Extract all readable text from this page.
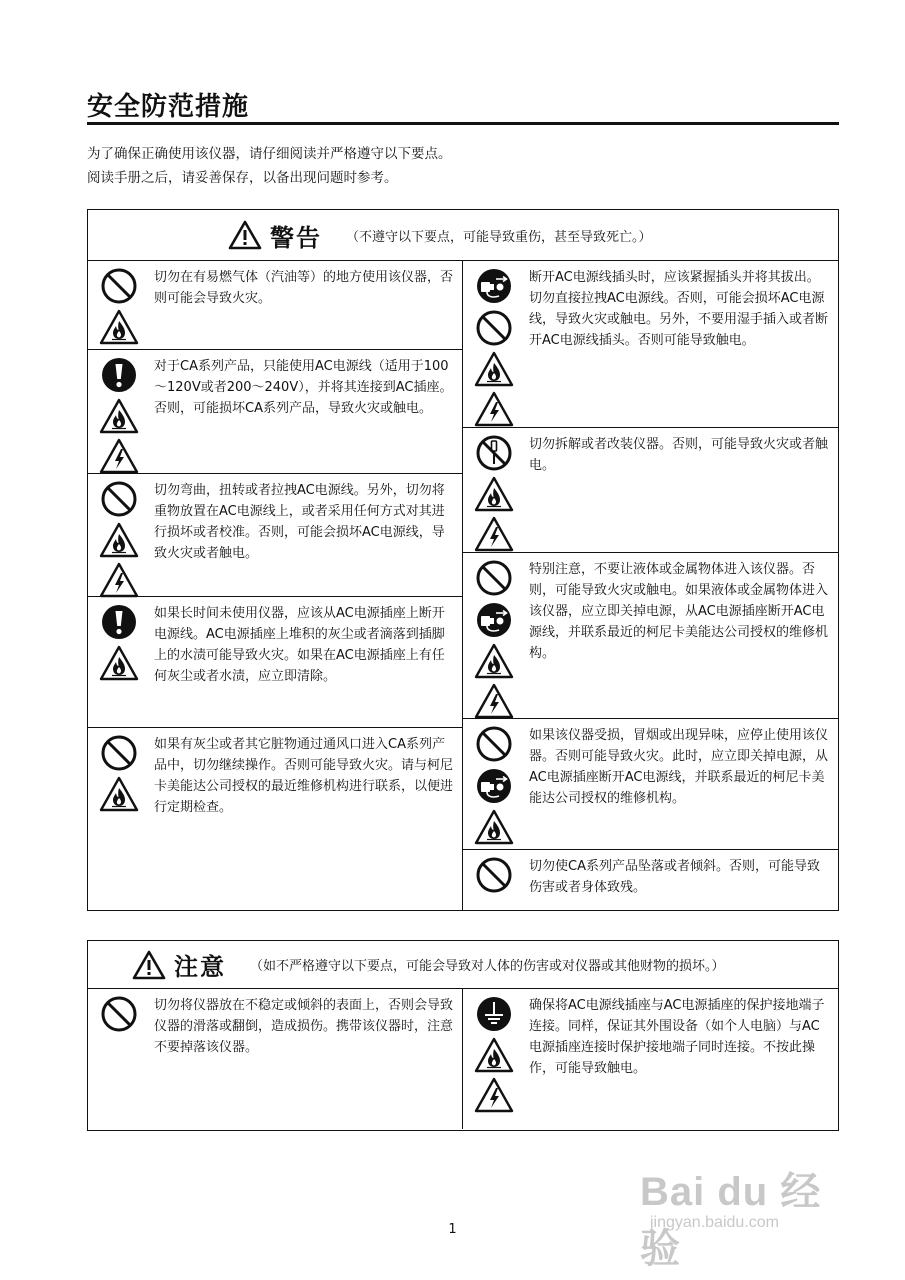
安全防范措施
为了确保正确使用该仪器，请仔细阅读并严格遵守以下要点。
阅读手册之后，请妥善保存，以备出现问题时参考。
警告 （不遵守以下要点，可能导致重伤，甚至导致死亡。）
切勿在有易燃气体（汽油等）的地方使用该仪器，否则可能会导致火灾。
对于CA系列产品，只能使用AC电源线（适用于100～120V或者200～240V），并将其连接到AC插座。否则，可能损坏CA系列产品，导致火灾或触电。
切勿弯曲，扭转或者拉拽AC电源线。另外，切勿将重物放置在AC电源线上，或者采用任何方式对其进行损坏或者校准。否则，可能会损坏AC电源线，导致火灾或者触电。
如果长时间未使用仪器，应该从AC电源插座上断开电源线。AC电源插座上堆积的灰尘或者滴落到插脚上的水渍可能导致火灾。如果在AC电源插座上有任何灰尘或者水渍，应立即清除。
如果有灰尘或者其它脏物通过通风口进入CA系列产品中，切勿继续操作。否则可能导致火灾。请与柯尼卡美能达公司授权的最近维修机构进行联系，以便进行定期检查。
断开AC电源线插头时，应该紧握插头并将其拔出。切勿直接拉拽AC电源线。否则，可能会损坏AC电源线，导致火灾或触电。另外，不要用湿手插入或者断开AC电源线插头。否则可能导致触电。
切勿拆解或者改装仪器。否则，可能导致火灾或者触电。
特别注意，不要让液体或金属物体进入该仪器。否则，可能导致火灾或触电。如果液体或金属物体进入该仪器，应立即关掉电源，从AC电源插座断开AC电源线，并联系最近的柯尼卡美能达公司授权的维修机构。
如果该仪器受损，冒烟或出现异味，应停止使用该仪器。否则可能导致火灾。此时，应立即关掉电源，从AC电源插座断开AC电源线，并联系最近的柯尼卡美能达公司授权的维修机构。
切勿使CA系列产品坠落或者倾斜。否则，可能导致伤害或者身体致残。
注意 （如不严格遵守以下要点，可能会导致对人体的伤害或对仪器或其他财物的损坏。）
切勿将仪器放在不稳定或倾斜的表面上，否则会导致仪器的滑落或翻倒，造成损伤。携带该仪器时，注意不要掉落该仪器。
确保将AC电源线插座与AC电源插座的保护接地端子连接。同样，保证其外围设备（如个人电脑）与AC电源插座连接时保护接地端子同时连接。不按此操作，可能导致触电。
Bai du 经验
jingyan.baidu.com
1
